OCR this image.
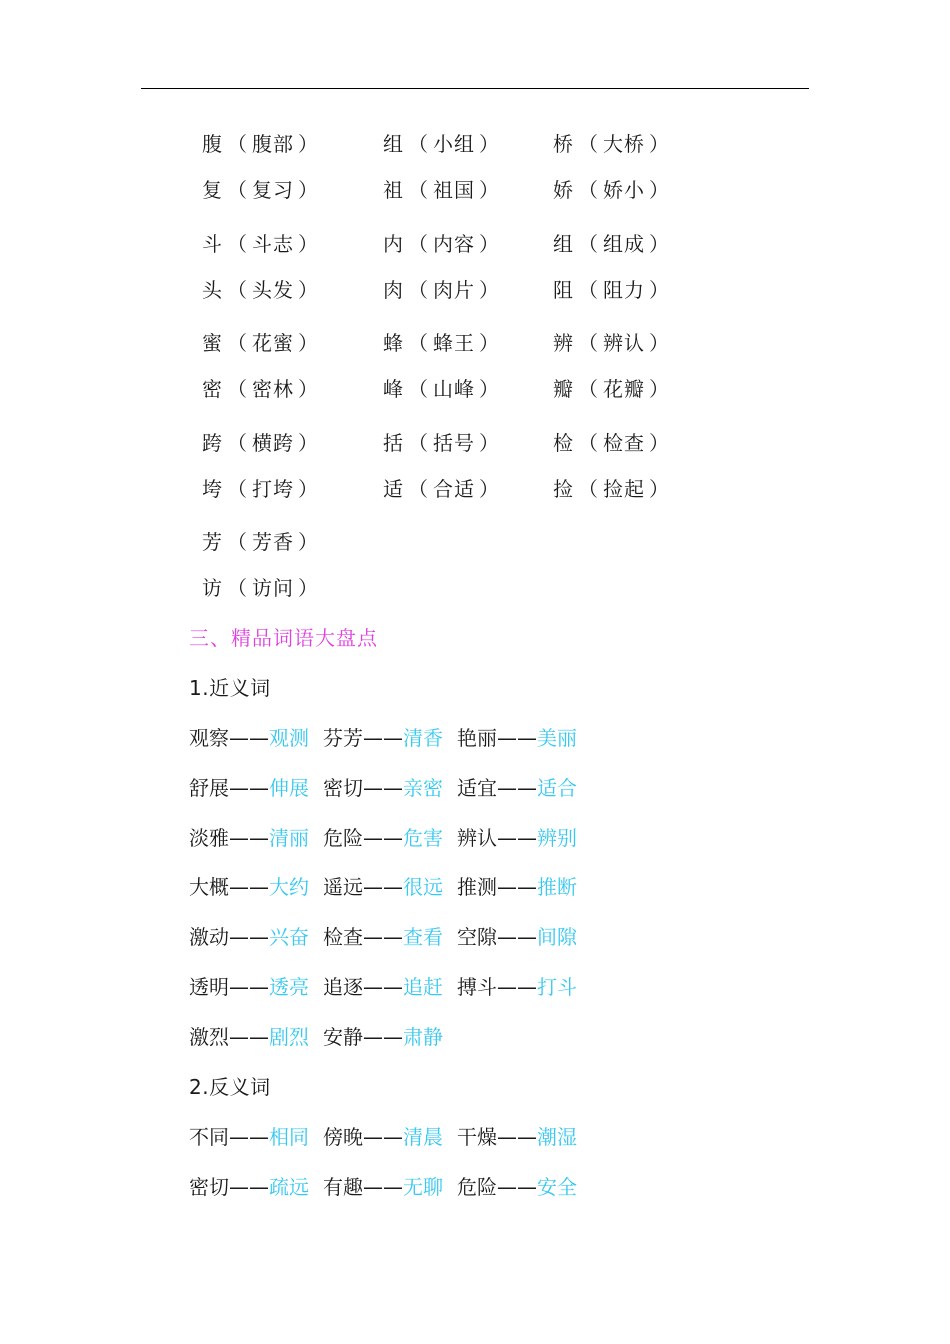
腹 （ 腹部 ）	组 （ 小组 ）	桥 （ 大桥 ）
复 （ 复习 ）	祖 （ 祖国 ）	娇 （ 娇小 ）
斗 （ 斗志 ）	内 （ 内容 ）	组 （ 组成 ）
头 （ 头发 ）	肉 （ 肉片 ）	阻 （ 阻力 ）
蜜 （ 花蜜 ）	蜂 （ 蜂王 ）	辨 （ 辨认 ）
密 （ 密林 ）	峰 （ 山峰 ）	瓣 （ 花瓣 ）
跨 （ 横跨 ）	括 （ 括号 ）	检 （ 检查 ）
垮 （ 打垮 ）	适 （ 合适 ）	捡 （ 捡起 ）
芳 （ 芳香 ）
访 （ 访问 ）
三、精品词语大盘点
1.近义词
观察——观测 芬芳——清香 艳丽——美丽
舒展——伸展 密切——亲密 适宜——适合
淡雅——清丽 危险——危害 辨认——辨别
大概——大约 遥远——很远 推测——推断
激动——兴奋 检查——查看 空隙——间隙
透明——透亮 追逐——追赶 搏斗——打斗
激烈——剧烈 安静——肃静
2.反义词
不同——相同 傍晚——清晨 干燥——潮湿
密切——疏远 有趣——无聊 危险——安全
